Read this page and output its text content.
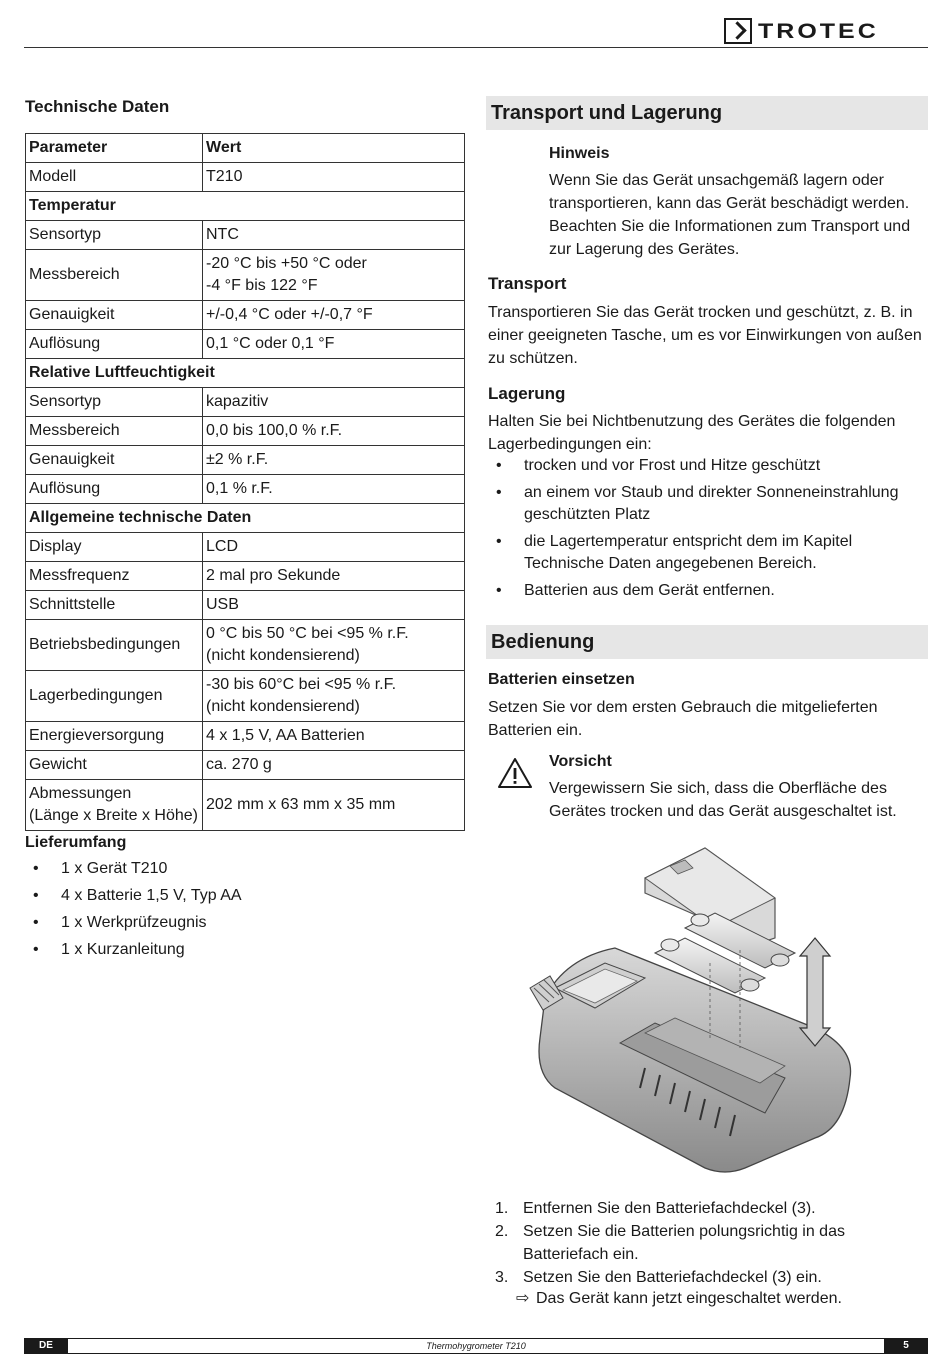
TROTEC
Technische Daten
Parameter	Wert
Modell	T210
Temperatur	
Sensortyp	NTC
Messbereich	-20 °C bis +50 °C oder
-4 °F bis 122 °F

Genauigkeit	+/-0,4 °C oder +/-0,7 °F
Auflösung	0,1 °C oder 0,1 °F
Relative Luftfeuchtigkeit	
Sensortyp	kapazitiv
Messbereich	0,0 bis 100,0 % r.F.
Genauigkeit	±2 % r.F.
Auflösung	0,1 % r.F.
Allgemeine technische Daten	
Display	LCD
Messfrequenz	2 mal pro Sekunde
Schnittstelle	USB
Betriebsbedingungen	0 °C bis 50 °C bei <95 % r.F.
(nicht kondensierend)

Lagerbedingungen	-30 bis 60°C bei <95 % r.F.
(nicht kondensierend)

Energieversorgung	4 x 1,5 V, AA Batterien
Gewicht	ca. 270 g

Abmessungen
(Länge x Breite x Höhe)	202 mm x 63 mm x 35 mm
Lieferumfang
• 1 x Gerät T210
• 4 x Batterie 1,5 V, Typ AA
• 1 x Werkprüfzeugnis
• 1 x Kurzanleitung
Transport und Lagerung
Hinweis
Wenn Sie das Gerät unsachgemäß lagern oder transportieren, kann das Gerät beschädigt werden. Beachten Sie die Informationen zum Transport und zur Lagerung des Gerätes.
Transport
Transportieren Sie das Gerät trocken und geschützt, z. B. in einer geeigneten Tasche, um es vor Einwirkungen von außen zu schützen.
Lagerung
Halten Sie bei Nichtbenutzung des Gerätes die folgenden Lagerbedingungen ein:
• trocken und vor Frost und Hitze geschützt
• an einem vor Staub und direkter Sonneneinstrahlung geschützten Platz
• die Lagertemperatur entspricht dem im Kapitel Technische Daten angegebenen Bereich.
• Batterien aus dem Gerät entfernen.
Bedienung
Batterien einsetzen
Setzen Sie vor dem ersten Gebrauch die mitgelieferten Batterien ein.
Vorsicht
Vergewissern Sie sich, dass die Oberfläche des Gerätes trocken und das Gerät ausgeschaltet ist.
1. Entfernen Sie den Batteriefachdeckel (3).
2. Setzen Sie die Batterien polungsrichtig in das Batteriefach ein.
3. Setzen Sie den Batteriefachdeckel (3) ein.
⇨ Das Gerät kann jetzt eingeschaltet werden.
Thermohygrometer T210
DE	5
